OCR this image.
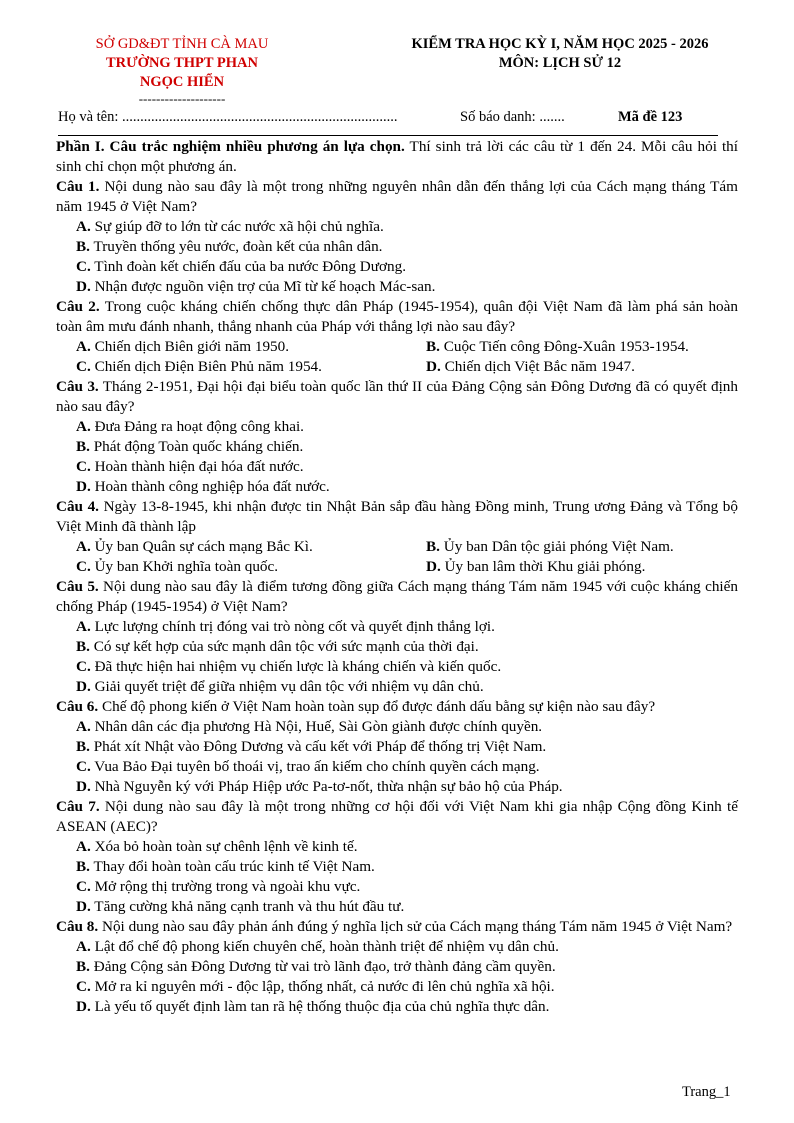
SỞ GD&ĐT TỈNH CÀ MAU
TRƯỜNG THPT PHAN NGỌC HIỂN
--------------------
KIỂM TRA HỌC KỲ I, NĂM HỌC 2025 - 2026
MÔN: LỊCH SỬ 12
Họ và tên: ............................................................................	Số báo danh: .......	Mã đề 123

Phần I. Câu trắc nghiệm nhiều phương án lựa chọn. Thí sinh trả lời các câu từ 1 đến 24. Mỗi câu hỏi thí sinh chỉ chọn một phương án.

Câu 1. Nội dung nào sau đây là một trong những nguyên nhân dẫn đến thắng lợi của Cách mạng tháng Tám năm 1945 ở Việt Nam?

A. Sự giúp đỡ to lớn từ các nước xã hội chủ nghĩa.

B. Truyền thống yêu nước, đoàn kết của nhân dân.

C. Tình đoàn kết chiến đấu của ba nước Đông Dương.

D. Nhận được nguồn viện trợ của Mĩ từ kế hoạch Mác-san.

Câu 2. Trong cuộc kháng chiến chống thực dân Pháp (1945-1954), quân đội Việt Nam đã làm phá sản hoàn toàn âm mưu đánh nhanh, thắng nhanh của Pháp với thắng lợi nào sau đây?

A. Chiến dịch Biên giới năm 1950.	B. Cuộc Tiến công Đông-Xuân 1953-1954.
C. Chiến dịch Điện Biên Phủ năm 1954.	D. Chiến dịch Việt Bắc năm 1947.

Câu 3. Tháng 2-1951, Đại hội đại biểu toàn quốc lần thứ II của Đảng Cộng sản Đông Dương đã có quyết định nào sau đây?

A. Đưa Đảng ra hoạt động công khai.

B. Phát động Toàn quốc kháng chiến.

C. Hoàn thành hiện đại hóa đất nước.

D. Hoàn thành công nghiệp hóa đất nước.

Câu 4. Ngày 13-8-1945, khi nhận được tin Nhật Bản sắp đầu hàng Đồng minh, Trung ương Đảng và Tổng bộ Việt Minh đã thành lập

A. Ủy ban Quân sự cách mạng Bắc Kì.	B. Ủy ban Dân tộc giải phóng Việt Nam.
C. Ủy ban Khởi nghĩa toàn quốc.	D. Ủy ban lâm thời Khu giải phóng.

Câu 5. Nội dung nào sau đây là điểm tương đồng giữa Cách mạng tháng Tám năm 1945 với cuộc kháng chiến chống Pháp (1945-1954) ở Việt Nam?

A. Lực lượng chính trị đóng vai trò nòng cốt và quyết định thắng lợi.

B. Có sự kết hợp của sức mạnh dân tộc với sức mạnh của thời đại.

C. Đã thực hiện hai nhiệm vụ chiến lược là kháng chiến và kiến quốc.

D. Giải quyết triệt để giữa nhiệm vụ dân tộc với nhiệm vụ dân chủ.

Câu 6. Chế độ phong kiến ở Việt Nam hoàn toàn sụp đổ được đánh dấu bằng sự kiện nào sau đây?

A. Nhân dân các địa phương Hà Nội, Huế, Sài Gòn giành được chính quyền.

B. Phát xít Nhật vào Đông Dương và cấu kết với Pháp để thống trị Việt Nam.

C. Vua Bảo Đại tuyên bố thoái vị, trao ấn kiếm cho chính quyền cách mạng.

D. Nhà Nguyễn ký với Pháp Hiệp ước Pa-tơ-nốt, thừa nhận sự bảo hộ của Pháp.

Câu 7. Nội dung nào sau đây là một trong những cơ hội đối với Việt Nam khi gia nhập Cộng đồng Kinh tế ASEAN (AEC)?

A. Xóa bỏ hoàn toàn sự chênh lệnh về kinh tế.

B. Thay đổi hoàn toàn cấu trúc kinh tế Việt Nam.

C. Mở rộng thị trường trong và ngoài khu vực.

D. Tăng cường khả năng cạnh tranh và thu hút đầu tư.

Câu 8. Nội dung nào sau đây phản ánh đúng ý nghĩa lịch sử của Cách mạng tháng Tám năm 1945 ở Việt Nam?

A. Lật đổ chế độ phong kiến chuyên chế, hoàn thành triệt để nhiệm vụ dân chủ.

B. Đảng Cộng sản Đông Dương từ vai trò lãnh đạo, trở thành đảng cầm quyền.

C. Mở ra kỉ nguyên mới - độc lập, thống nhất, cả nước đi lên chủ nghĩa xã hội.

D. Là yếu tố quyết định làm tan rã hệ thống thuộc địa của chủ nghĩa thực dân.

Trang_1
